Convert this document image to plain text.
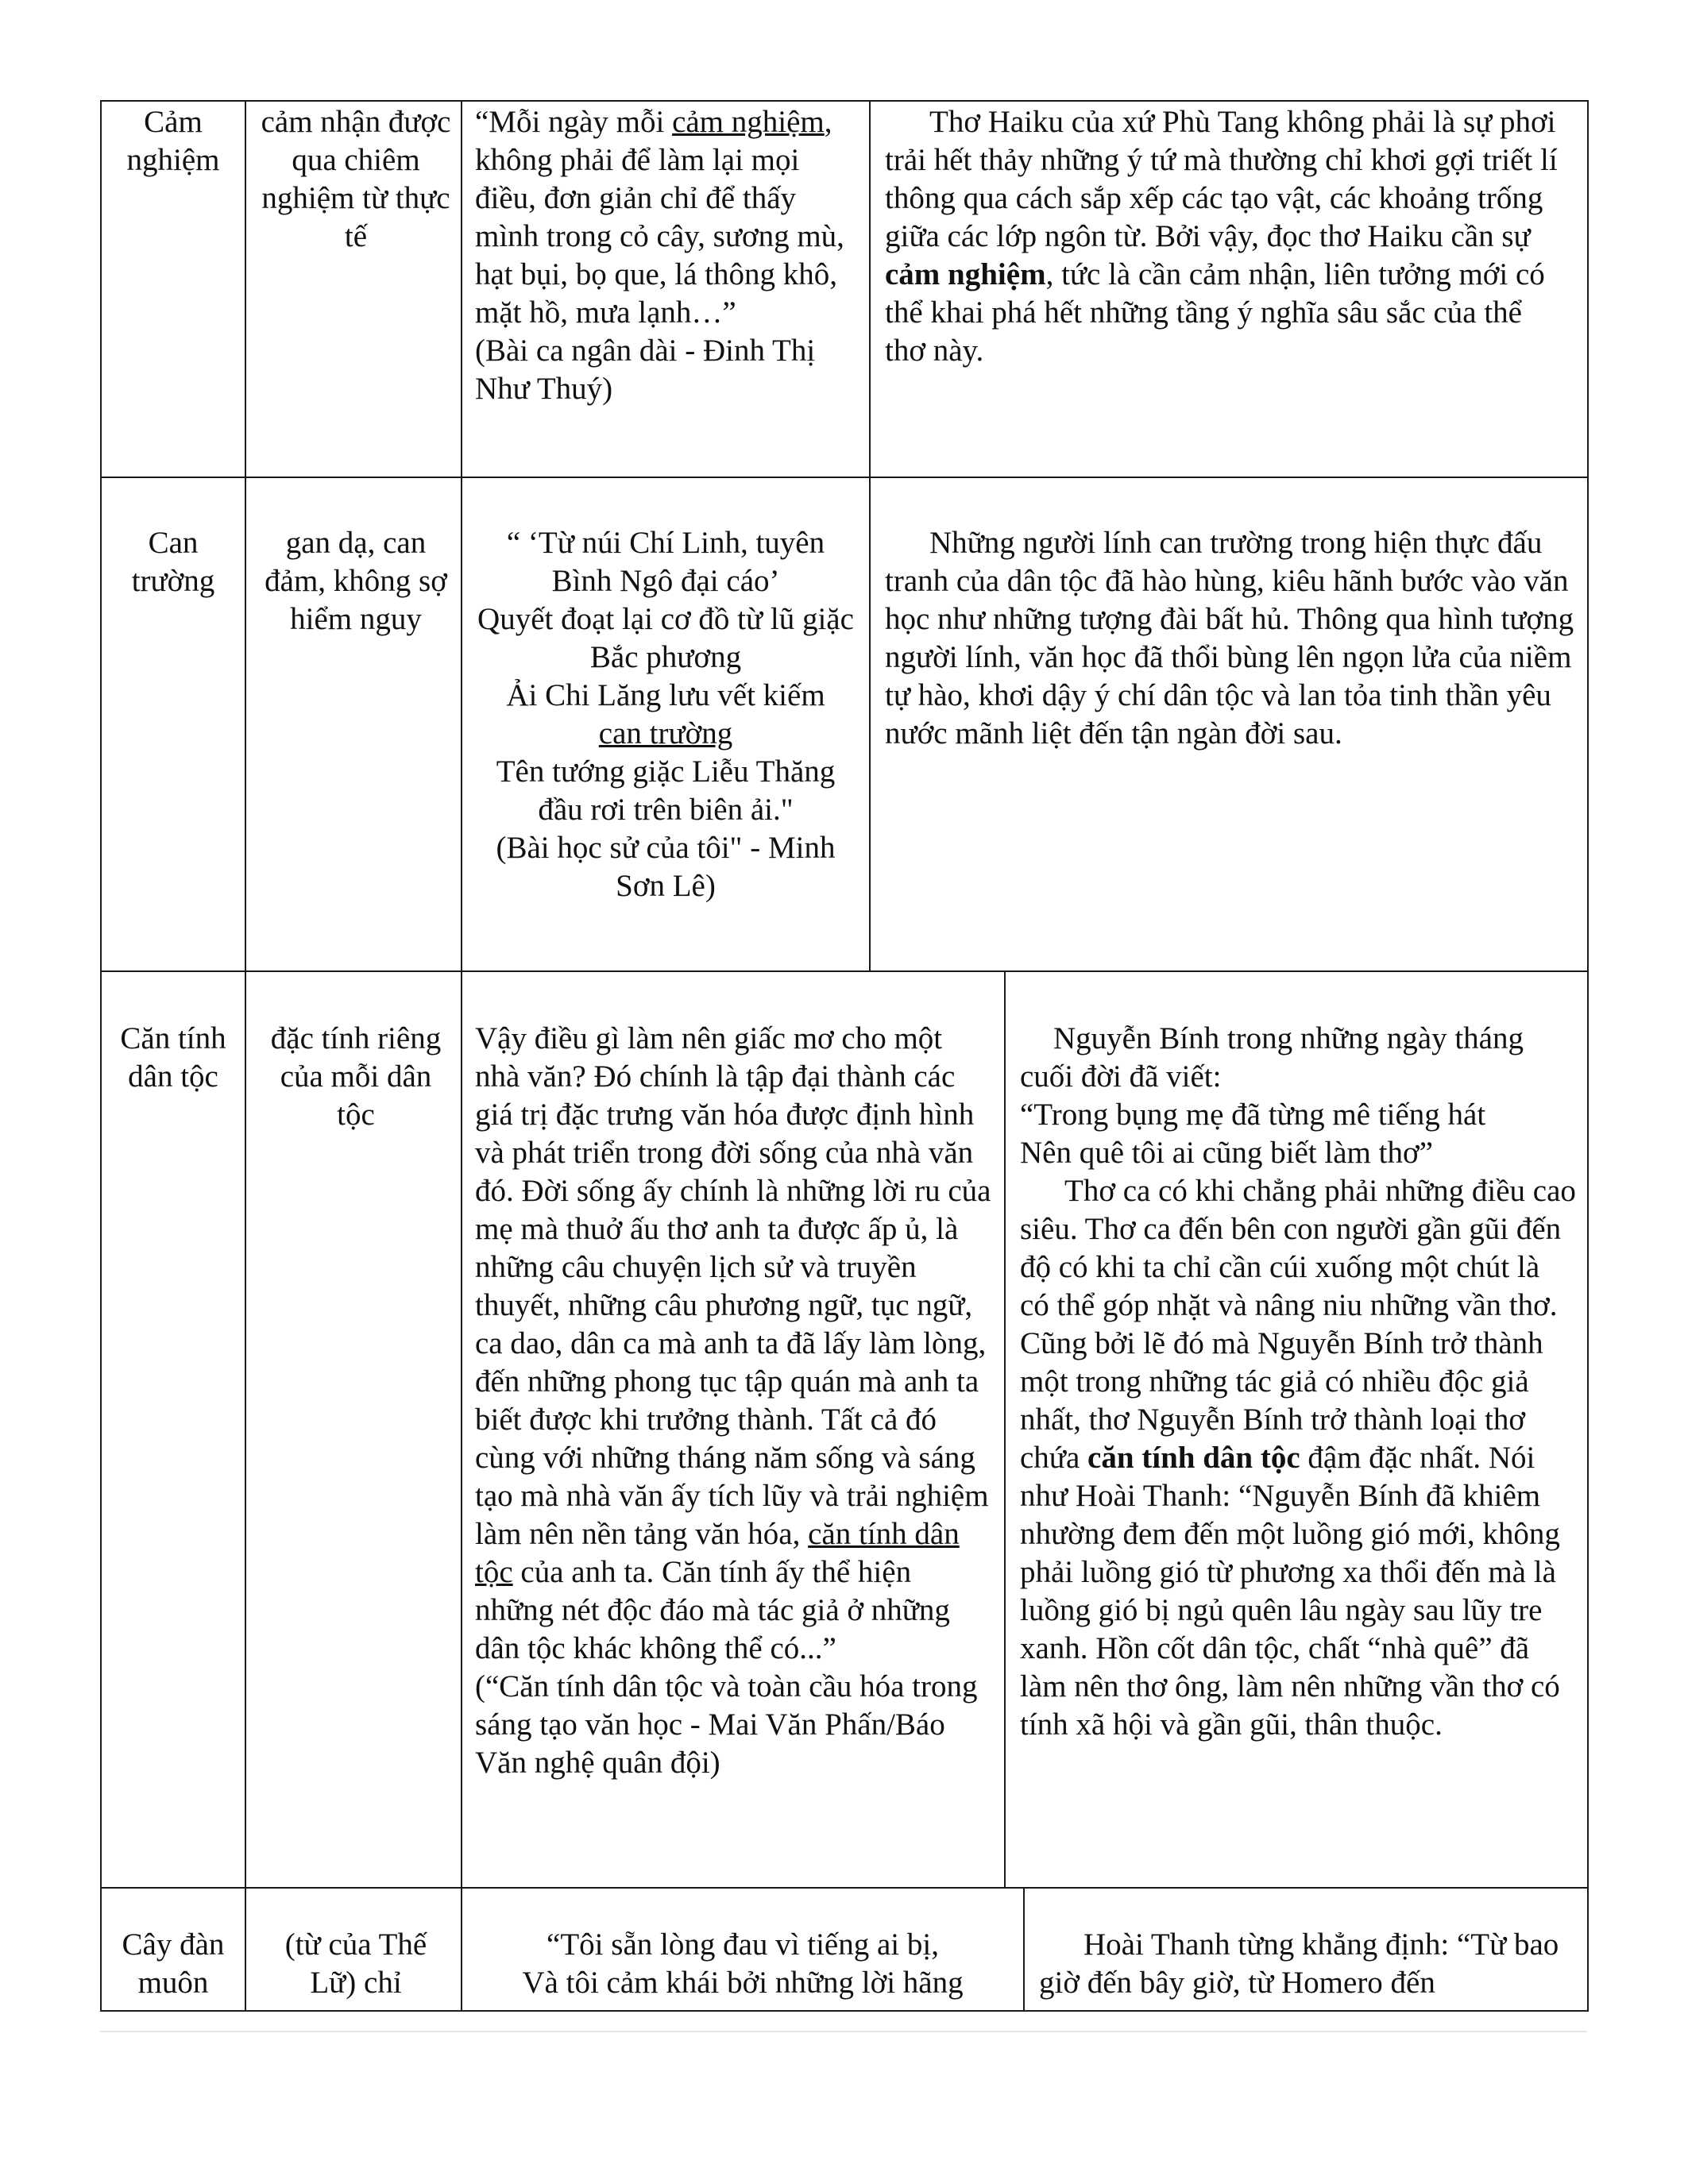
Cảm nghiệm
cảm nhận được qua chiêm nghiệm từ thực tế
“Mỗi ngày mỗi cảm nghiệm, không phải để làm lại mọi điều, đơn giản chỉ để thấy mình trong cỏ cây, sương mù, hạt bụi, bọ que, lá thông khô, mặt hồ, mưa lạnh…”
(Bài ca ngân dài - Đinh Thị Như Thuý)
Thơ Haiku của xứ Phù Tang không phải là sự phơi trải hết thảy những ý tứ mà thường chỉ khơi gợi triết lí thông qua cách sắp xếp các tạo vật, các khoảng trống giữa các lớp ngôn từ. Bởi vậy, đọc thơ Haiku cần sự cảm nghiệm, tức là cần cảm nhận, liên tưởng mới có thể khai phá hết những tầng ý nghĩa sâu sắc của thể
thơ này.
Can trường
gan dạ, can đảm, không sợ hiểm nguy
“ ‘Từ núi Chí Linh, tuyên Bình Ngô đại cáo’
Quyết đoạt lại cơ đồ từ lũ giặc Bắc phương
Ải Chi Lăng lưu vết kiếm
can trường
Tên tướng giặc Liễu Thăng đầu rơi trên biên ải."
(Bài học sử của tôi" - Minh Sơn Lê)
Những người lính can trường trong hiện thực đấu tranh của dân tộc đã hào hùng, kiêu hãnh bước vào văn học như những tượng đài bất hủ. Thông qua hình tượng người lính, văn học đã thổi bùng lên ngọn lửa của niềm tự hào, khơi dậy ý chí dân tộc và lan tỏa tinh thần yêu nước mãnh liệt đến tận ngàn đời sau.
Căn tính dân tộc
đặc tính riêng của mỗi dân tộc
Vậy điều gì làm nên giấc mơ cho một nhà văn? Đó chính là tập đại thành các giá trị đặc trưng văn hóa được định hình và phát triển trong đời sống của nhà văn đó. Đời sống ấy chính là những lời ru của mẹ mà thuở ấu thơ anh ta được ấp ủ, là những câu chuyện lịch sử và truyền thuyết, những câu phương ngữ, tục ngữ, ca dao, dân ca mà anh ta đã lấy làm lòng, đến những phong tục tập quán mà anh ta biết được khi trưởng thành. Tất cả đó cùng với những tháng năm sống và sáng tạo mà nhà văn ấy tích lũy và trải nghiệm làm nên nền tảng văn hóa, căn tính dân tộc của anh ta. Căn tính ấy thể hiện những nét độc đáo mà tác giả ở những dân tộc khác không thể có...”
(“Căn tính dân tộc và toàn cầu hóa trong sáng tạo văn học - Mai Văn Phấn/Báo Văn nghệ quân đội)
Nguyễn Bính trong những ngày tháng cuối đời đã viết:
“Trong bụng mẹ đã từng mê tiếng hát
Nên quê tôi ai cũng biết làm thơ”
Thơ ca có khi chẳng phải những điều cao siêu. Thơ ca đến bên con người gần gũi đến độ có khi ta chỉ cần cúi xuống một chút là có thể góp nhặt và nâng niu những vần thơ. Cũng bởi lẽ đó mà Nguyễn Bính trở thành một trong những tác giả có nhiều độc giả nhất, thơ Nguyễn Bính trở thành loại thơ chứa căn tính dân tộc đậm đặc nhất. Nói như Hoài Thanh: “Nguyễn Bính đã khiêm nhường đem đến một luồng gió mới, không phải luồng gió từ phương xa thổi đến mà là luồng gió bị ngủ quên lâu ngày sau lũy tre xanh. Hồn cốt dân tộc, chất “nhà quê” đã làm nên thơ ông, làm nên những vần thơ có tính xã hội và gần gũi, thân thuộc.
Cây đàn muôn
(từ của Thế Lữ) chỉ
“Tôi sẵn lòng đau vì tiếng ai bị,
Và tôi cảm khái bởi những lời hãng
Hoài Thanh từng khẳng định: “Từ bao giờ đến bây giờ, từ Homero đến
